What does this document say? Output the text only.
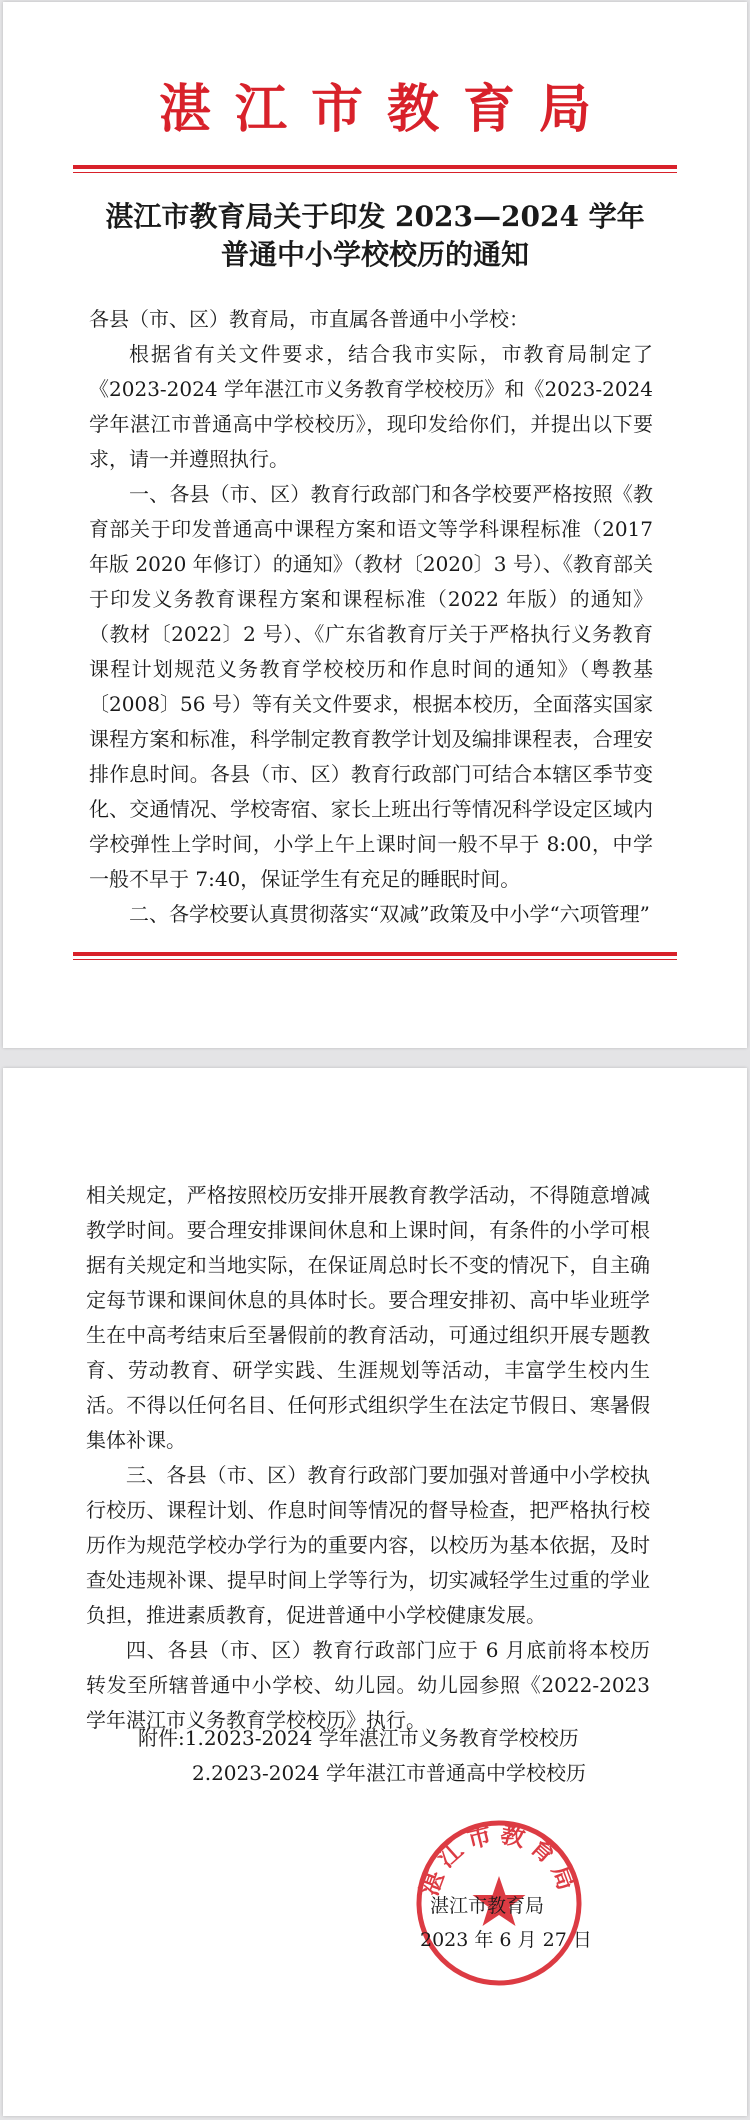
湛江市教育局
湛江市教育局关于印发 2023—2024 学年
普通中小学校校历的通知

各县（市、区）教育局，市直属各普通中小学校：

根据省有关文件要求，结合我市实际，市教育局制定了《2023-2024 学年湛江市义务教育学校校历》和《2023-2024 学年湛江市普通高中学校校历》，现印发给你们，并提出以下要求，请一并遵照执行。

一、各县（市、区）教育行政部门和各学校要严格按照《教育部关于印发普通高中课程方案和语文等学科课程标准（2017 年版 2020 年修订）的通知》（教材〔2020〕3 号）、《教育部关于印发义务教育课程方案和课程标准（2022 年版）的通知》（教材〔2022〕2 号）、《广东省教育厅关于严格执行义务教育课程计划规范义务教育学校校历和作息时间的通知》（粤教基〔2008〕56 号）等有关文件要求，根据本校历，全面落实国家课程方案和标准，科学制定教育教学计划及编排课程表，合理安排作息时间。各县（市、区）教育行政部门可结合本辖区季节变化、交通情况、学校寄宿、家长上班出行等情况科学设定区域内学校弹性上学时间，小学上午上课时间一般不早于 8:00，中学一般不早于 7:40，保证学生有充足的睡眠时间。

二、各学校要认真贯彻落实“双减”政策及中小学“六项管理”

相关规定，严格按照校历安排开展教育教学活动，不得随意增减教学时间。要合理安排课间休息和上课时间，有条件的小学可根据有关规定和当地实际，在保证周总时长不变的情况下，自主确定每节课和课间休息的具体时长。要合理安排初、高中毕业班学生在中高考结束后至暑假前的教育活动，可通过组织开展专题教育、劳动教育、研学实践、生涯规划等活动，丰富学生校内生活。不得以任何名目、任何形式组织学生在法定节假日、寒暑假集体补课。

三、各县（市、区）教育行政部门要加强对普通中小学校执行校历、课程计划、作息时间等情况的督导检查，把严格执行校历作为规范学校办学行为的重要内容，以校历为基本依据，及时查处违规补课、提早时间上学等行为，切实减轻学生过重的学业负担，推进素质教育，促进普通中小学校健康发展。

四、各县（市、区）教育行政部门应于 6 月底前将本校历转发至所辖普通中小学校、幼儿园。幼儿园参照《2022-2023 学年湛江市义务教育学校校历》执行。

附件:1.2023-2024 学年湛江市义务教育学校校历
2.2023-2024 学年湛江市普通高中学校校历
湛江市教育局
湛江市教育局
2023 年 6 月 27 日
